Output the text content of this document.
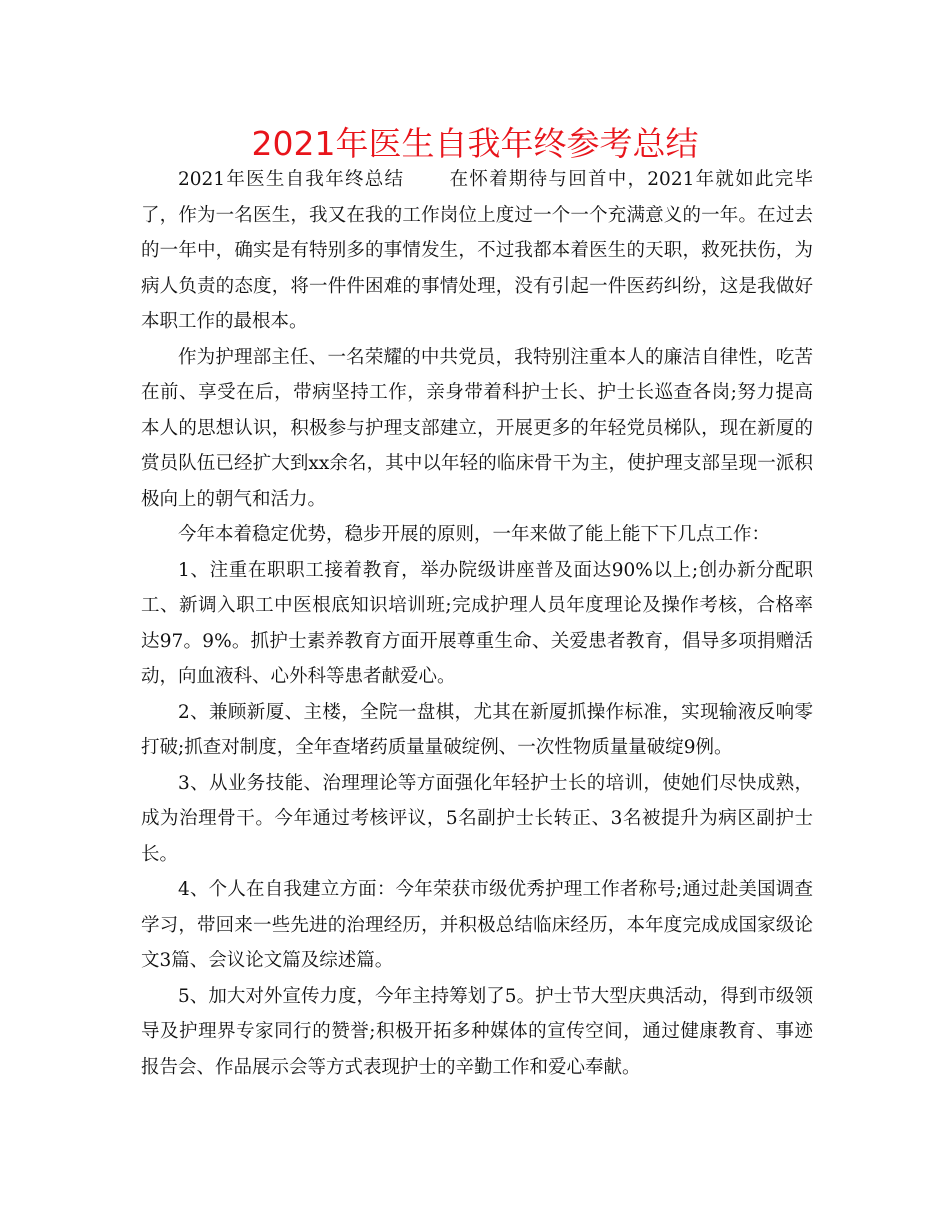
2021年医生自我年终参考总结

2021年医生自我年终总结 在怀着期待与回首中，2021年就如此完毕了，作为一名医生，我又在我的工作岗位上度过一个一个充满意义的一年。在过去的一年中，确实是有特别多的事情发生，不过我都本着医生的天职，救死扶伤，为病人负责的态度，将一件件困难的事情处理，没有引起一件医药纠纷，这是我做好本职工作的最根本。

作为护理部主任、一名荣耀的中共党员，我特别注重本人的廉洁自律性，吃苦在前、享受在后，带病坚持工作，亲身带着科护士长、护士长巡查各岗;努力提高本人的思想认识，积极参与护理支部建立，开展更多的年轻党员梯队，现在新厦的赏员队伍已经扩大到xx余名，其中以年轻的临床骨干为主，使护理支部呈现一派积极向上的朝气和活力。

今年本着稳定优势，稳步开展的原则，一年来做了能上能下下几点工作：

1、注重在职职工接着教育，举办院级讲座普及面达90%以上;创办新分配职工、新调入职工中医根底知识培训班;完成护理人员年度理论及操作考核，合格率达97。9%。抓护士素养教育方面开展尊重生命、关爱患者教育，倡导多项捐赠活动，向血液科、心外科等患者献爱心。

2、兼顾新厦、主楼，全院一盘棋，尤其在新厦抓操作标准，实现输液反响零打破;抓查对制度，全年查堵药质量量破绽例、一次性物质量量破绽9例。

3、从业务技能、治理理论等方面强化年轻护士长的培训，使她们尽快成熟，成为治理骨干。今年通过考核评议，5名副护士长转正、3名被提升为病区副护士长。

4、个人在自我建立方面：今年荣获市级优秀护理工作者称号;通过赴美国调查学习，带回来一些先进的治理经历，并积极总结临床经历，本年度完成成国家级论文3篇、会议论文篇及综述篇。

5、加大对外宣传力度，今年主持筹划了5。护士节大型庆典活动，得到市级领导及护理界专家同行的赞誉;积极开拓多种媒体的宣传空间，通过健康教育、事迹报告会、作品展示会等方式表现护士的辛勤工作和爱心奉献。
